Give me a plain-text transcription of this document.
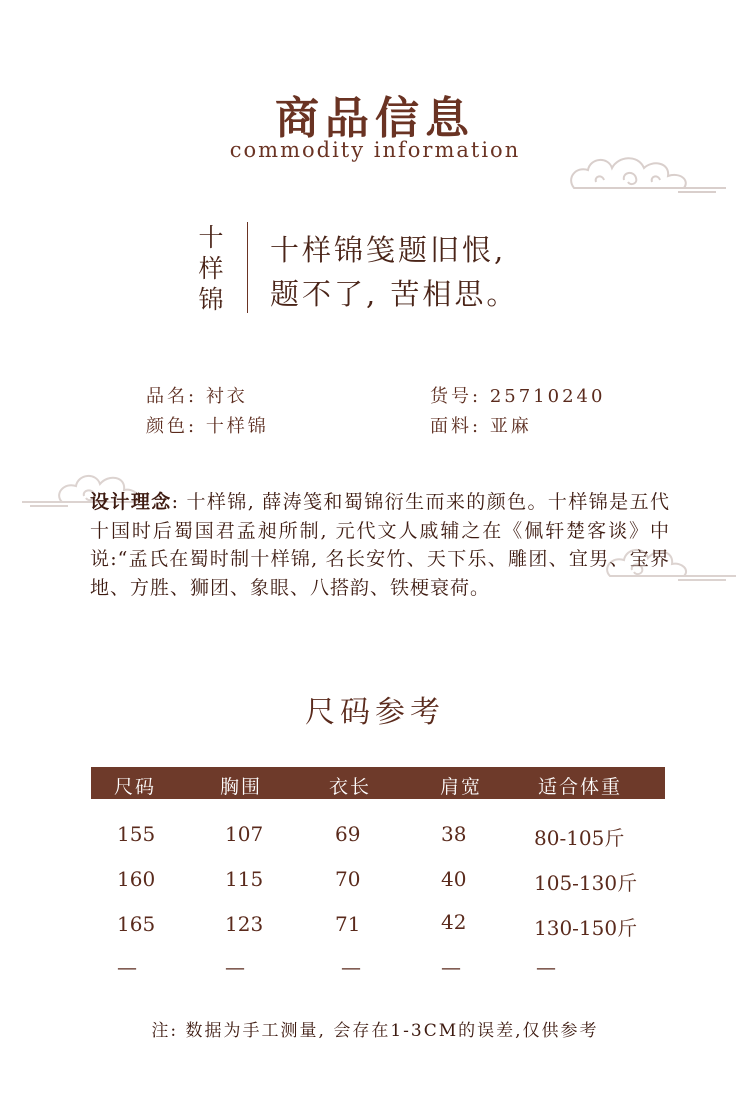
商品信息
commodity information
十
样
锦
十样锦笺题旧恨,
题不了, 苦相思。
品名: 衬衣	货号: 25710240
颜色: 十样锦	面料: 亚麻
设计理念: 十样锦, 薛涛笺和蜀锦衍生而来的颜色。十样锦是五代十国时后蜀国君孟昶所制, 元代文人戚辅之在《佩轩楚客谈》中说:“孟氏在蜀时制十样锦, 名长安竹、天下乐、雕团、宜男、宝界地、方胜、狮团、象眼、八搭韵、铁梗衰荷。
尺码参考
尺码	胸围	衣长	肩宽	适合体重
155	107	69	38	80-105斤
160	115	70	40	105-130斤
165	123	71	42	130-150斤
—	—	—	—	—
注: 数据为手工测量, 会存在1-3CM的误差,仅供参考
